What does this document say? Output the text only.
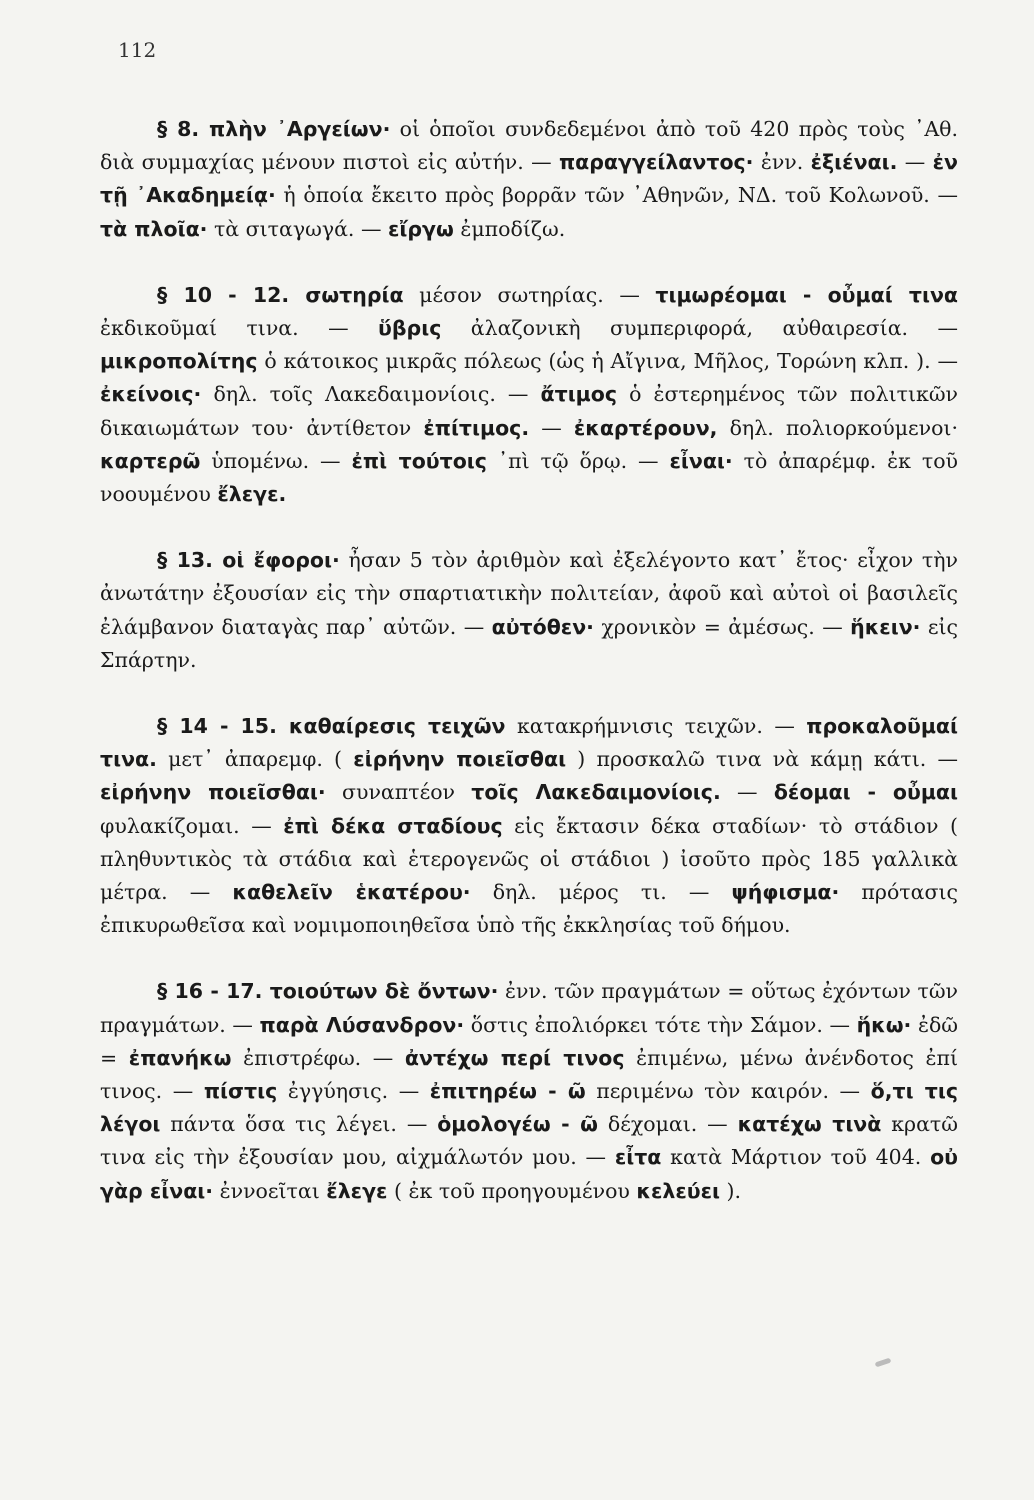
112

§ 8. πλὴν ᾿Αργείων· οἱ ὁποῖοι συνδεδεμένοι ἀπὸ τοῦ 420 πρὸς τοὺς ᾿Αθ. διὰ συμμαχίας μένουν πιστοὶ εἰς αὐτήν. — παραγγείλαντος· ἐνν. ἐξιέναι. — ἐν τῇ ᾿Ακαδημείᾳ· ἡ ὁποία ἔκειτο πρὸς βορρᾶν τῶν ᾿Αθηνῶν, ΝΔ. τοῦ Κολωνοῦ. — τὰ πλοῖα· τὰ σιταγωγά. — εἴργω ἐμποδίζω.

§ 10 - 12. σωτηρία μέσον σωτηρίας. — τιμωρέομαι - οὖμαί τινα ἐκδικοῦμαί τινα. — ὕβρις ἀλαζονικὴ συμπεριφορά, αὐθαιρεσία. — μικροπολίτης ὁ κάτοικος μικρᾶς πόλεως (ὡς ἡ Αἴγινα, Μῆλος, Τορώνη κλπ. ). — ἐκείνοις· δηλ. τοῖς Λακεδαιμονίοις. — ἄτιμος ὁ ἐστερημένος τῶν πολιτικῶν δικαιωμάτων του· ἀντίθετον ἐπίτιμος. — ἐκαρτέρουν, δηλ. πολιορκούμενοι· καρτερῶ ὑπομένω. — ἐπὶ τούτοις ᾿πὶ τῷ ὅρῳ. — εἶναι· τὸ ἀπαρέμφ. ἐκ τοῦ νοουμένου ἔλεγε.

§ 13. οἱ ἔφοροι· ἦσαν 5 τὸν ἀριθμὸν καὶ ἐξελέγοντο κατ᾿ ἔτος· εἶχον τὴν ἀνωτάτην ἐξουσίαν εἰς τὴν σπαρτιατικὴν πολιτείαν, ἀφοῦ καὶ αὐτοὶ οἱ βασιλεῖς ἐλάμβανον διαταγὰς παρ᾿ αὐτῶν. — αὐτόθεν· χρονικὸν = ἀμέσως. — ἥκειν· εἰς Σπάρτην.

§ 14 - 15. καθαίρεσις τειχῶν κατακρήμνισις τειχῶν. — προκαλοῦμαί τινα. μετ᾿ ἀπαρεμφ. ( εἰρήνην ποιεῖσθαι ) προσκαλῶ τινα νὰ κάμῃ κάτι. — εἰρήνην ποιεῖσθαι· συναπτέον τοῖς Λακεδαιμονίοις. — δέομαι - οὖμαι φυλακίζομαι. — ἐπὶ δέκα σταδίους εἰς ἔκτασιν δέκα σταδίων· τὸ στάδιον ( πληθυντικὸς τὰ στάδια καὶ ἑτερογενῶς οἱ στάδιοι ) ἰσοῦτο πρὸς 185 γαλλικὰ μέτρα. — καθελεῖν ἑκατέρου· δηλ. μέρος τι. — ψήφισμα· πρότασις ἐπικυρωθεῖσα καὶ νομιμοποιηθεῖσα ὑπὸ τῆς ἐκκλησίας τοῦ δήμου.

§ 16 - 17. τοιούτων δὲ ὄντων· ἐνν. τῶν πραγμάτων = οὕτως ἐχόντων τῶν πραγμάτων. — παρὰ Λύσανδρον· ὅστις ἐπολιόρκει τότε τὴν Σάμον. — ἥκω· ἐδῶ = ἐπανήκω ἐπιστρέφω. — ἀντέχω περί τινος ἐπιμένω, μένω ἀνένδοτος ἐπί τινος. — πίστις ἐγγύησις. — ἐπιτηρέω - ῶ περιμένω τὸν καιρόν. — ὅ,τι τις λέγοι πάντα ὅσα τις λέγει. — ὁμολογέω - ῶ δέχομαι. — κατέχω τινὰ κρατῶ τινα εἰς τὴν ἐξουσίαν μου, αἰχμάλωτόν μου. — εἶτα κατὰ Μάρτιον τοῦ 404. οὐ γὰρ εἶναι· ἐννοεῖται ἔλεγε ( ἐκ τοῦ προηγουμένου κελεύει ).
